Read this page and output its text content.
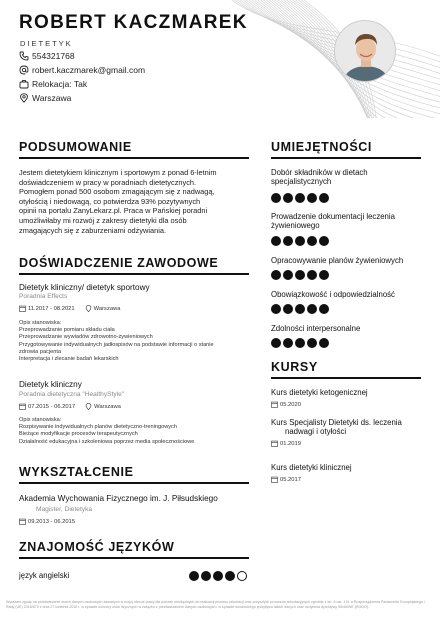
ROBERT KACZMAREK
DIETETYK
554321768
robert.kaczmarek@gmail.com
Relokacja: Tak
Warszawa
PODSUMOWANIE
Jestem dietetykiem klinicznym i sportowym z ponad 6-letnim
doświadczeniem w pracy w poradniach dietetycznych.
Pomogłem ponad 500 osobom zmagającym się z nadwagą,
otyłością i niedowagą, co potwierdza 93% pozytywnych
opinii na portalu ZanyLekarz.pl. Praca w Pańskiej poradni
umożliwiłaby mi rozwój z zakresy dietetyki dla osób
zmagających się z zaburzeniami odżywiania.
DOŚWIADCZENIE ZAWODOWE
Dietetyk kliniczny/ dietetyk sportowy
Poradnia Effects
11.2017 - 08.2021	Warszawa
Opis stanowiska:
Przeprowadzanie pomiaru składu ciała
Przeprowadzanie wywiadów zdrowotno-żywieniowych
Przygotowywanie indywidualnych jadłospisów na podstawie informacji o stanie
zdrowia pacjenta
Interpretacja i zlecanie badań lekarskich
Dietetyk kliniczny
Poradnia dietetyczna "HealthyStyle"
07.2015 - 06.2017	Warszawa
Opis stanowiska:
Rozpisywanie indywidualnych planów dietetyczno-treningowych
Bieżące modyfikacje procesów terapeutycznych
Działalność edukacyjna i szkoleniowa poprzez media społecznościowe
WYKSZTAŁCENIE
Akademia Wychowania Fizycznego im. J. Piłsudskiego
Magister, Dietetyka
09.2013 - 06.2015
ZNAJOMOŚĆ JĘZYKÓW
język angielski
UMIEJĘTNOŚCI
Dobór składników w dietach
specjalistycznych
Prowadzenie dokumentacji leczenia
żywieniowego
Opracowywanie planów żywieniowych
Obowiązkowość i odpowiedzialność
Zdolności interpersonalne
KURSY
Kurs dietetyki ketogenicznej
05.2020
Kurs Specjalisty Dietetyki ds. leczenia
nadwagi i otyłości
01.2019
Kurs dietetyki klinicznej
05.2017
Wyrażam zgodę na przetwarzanie moich danych osobowych zawartych w mojej ofercie pracy dla potrzeb niezbędnych do realizacji procesu rekrutacji oraz przyszłych procesów rekrutacyjnych zgodnie z art. 6 ust. 1 lit. a Rozporządzenia Parlamentu Europejskiego i Rady (UE) 2016/679 z dnia 27 kwietnia 2016 r. w sprawie ochrony osób fizycznych w związku z przetwarzaniem danych osobowych i w sprawie swobodnego przepływu takich danych oraz uchylenia dyrektywy 95/46/WE (RODO).
